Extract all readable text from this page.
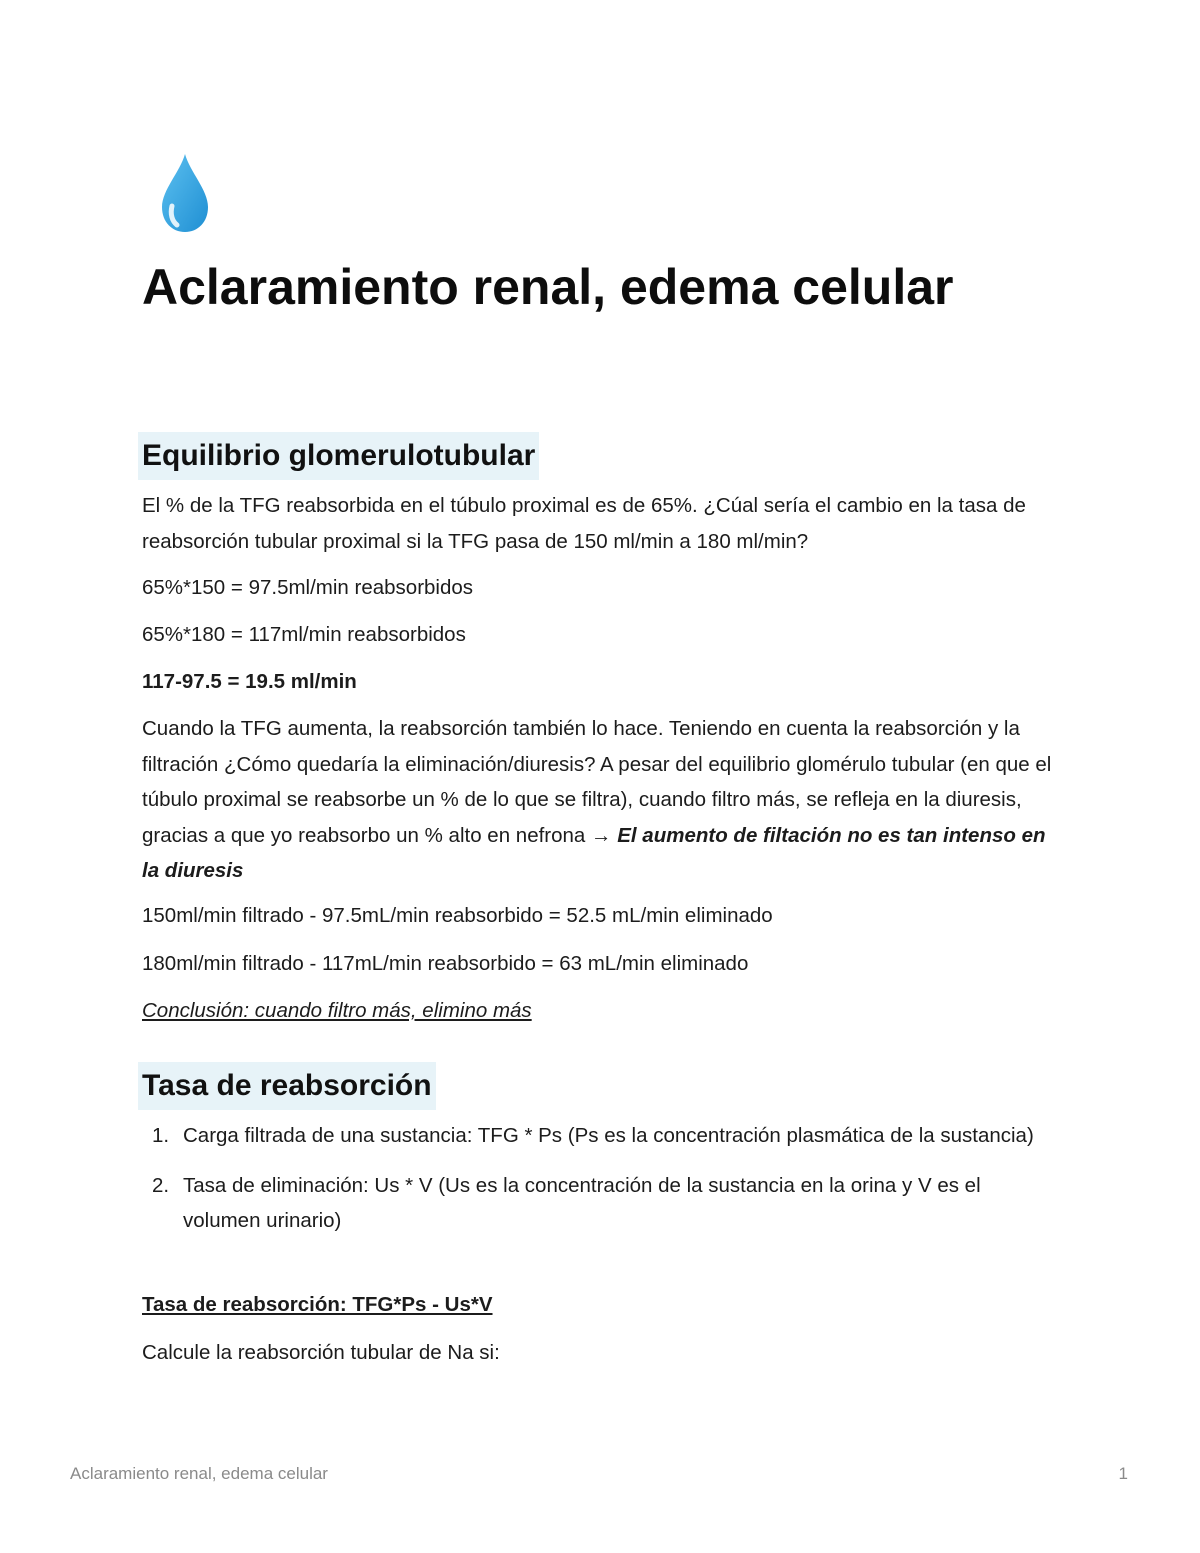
Aclaramiento renal, edema celular
Equilibrio glomerulotubular

El % de la TFG reabsorbida en el túbulo proximal es de 65%. ¿Cúal sería el cambio en la tasa de reabsorción tubular proximal si la TFG pasa de 150 ml/min a 180 ml/min?

65%*150 = 97.5ml/min reabsorbidos

65%*180 = 117ml/min reabsorbidos

117-97.5 = 19.5 ml/min

Cuando la TFG aumenta, la reabsorción también lo hace. Teniendo en cuenta la reabsorción y la filtración ¿Cómo quedaría la eliminación/diuresis? A pesar del equilibrio glomérulo tubular (en que el túbulo proximal se reabsorbe un % de lo que se filtra), cuando filtro más, se refleja en la diuresis, gracias a que yo reabsorbo un % alto en nefrona → El aumento de filtación no es tan intenso en la diuresis

150ml/min filtrado - 97.5mL/min reabsorbido = 52.5 mL/min eliminado

180ml/min filtrado - 117mL/min reabsorbido = 63 mL/min eliminado

Conclusión: cuando filtro más, elimino más

Tasa de reabsorción
1. Carga filtrada de una sustancia: TFG * Ps (Ps es la concentración plasmática de la sustancia)
2. Tasa de eliminación: Us * V (Us es la concentración de la sustancia en la orina y V es el volumen urinario)

Tasa de reabsorción: TFG*Ps - Us*V

Calcule la reabsorción tubular de Na si:

Aclaramiento renal, edema celular	1
